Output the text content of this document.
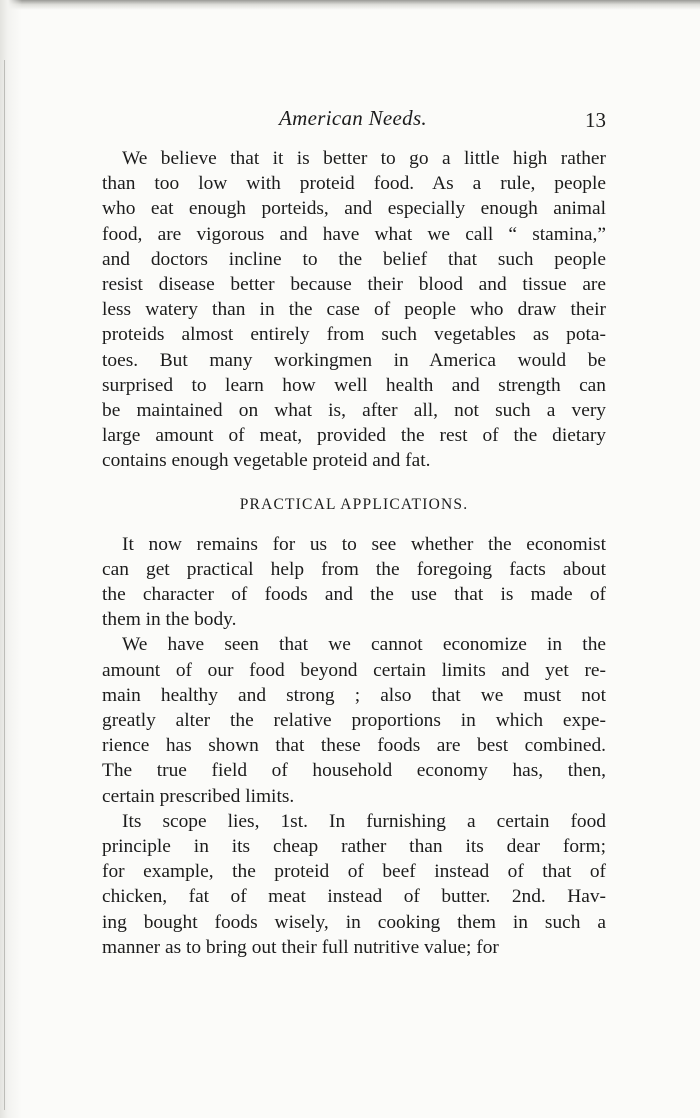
American Needs.	13

We believe that it is better to go a little high rather
than too low with proteid food. As a rule, people
who eat enough porteids, and especially enough animal
food, are vigorous and have what we call “ stamina,”
and doctors incline to the belief that such people
resist disease better because their blood and tissue are
less watery than in the case of people who draw their
proteids almost entirely from such vegetables as pota-
toes. But many workingmen in America would be
surprised to learn how well health and strength can
be maintained on what is, after all, not such a very
large amount of meat, provided the rest of the dietary
contains enough vegetable proteid and fat.

PRACTICAL APPLICATIONS.

It now remains for us to see whether the economist
can get practical help from the foregoing facts about
the character of foods and the use that is made of
them in the body.

We have seen that we cannot economize in the
amount of our food beyond certain limits and yet re-
main healthy and strong ; also that we must not
greatly alter the relative proportions in which expe-
rience has shown that these foods are best combined.
The true field of household economy has, then,
certain prescribed limits.

Its scope lies, 1st. In furnishing a certain food
principle in its cheap rather than its dear form;
for example, the proteid of beef instead of that of
chicken, fat of meat instead of butter. 2nd. Hav-
ing bought foods wisely, in cooking them in such a
manner as to bring out their full nutritive value; for
